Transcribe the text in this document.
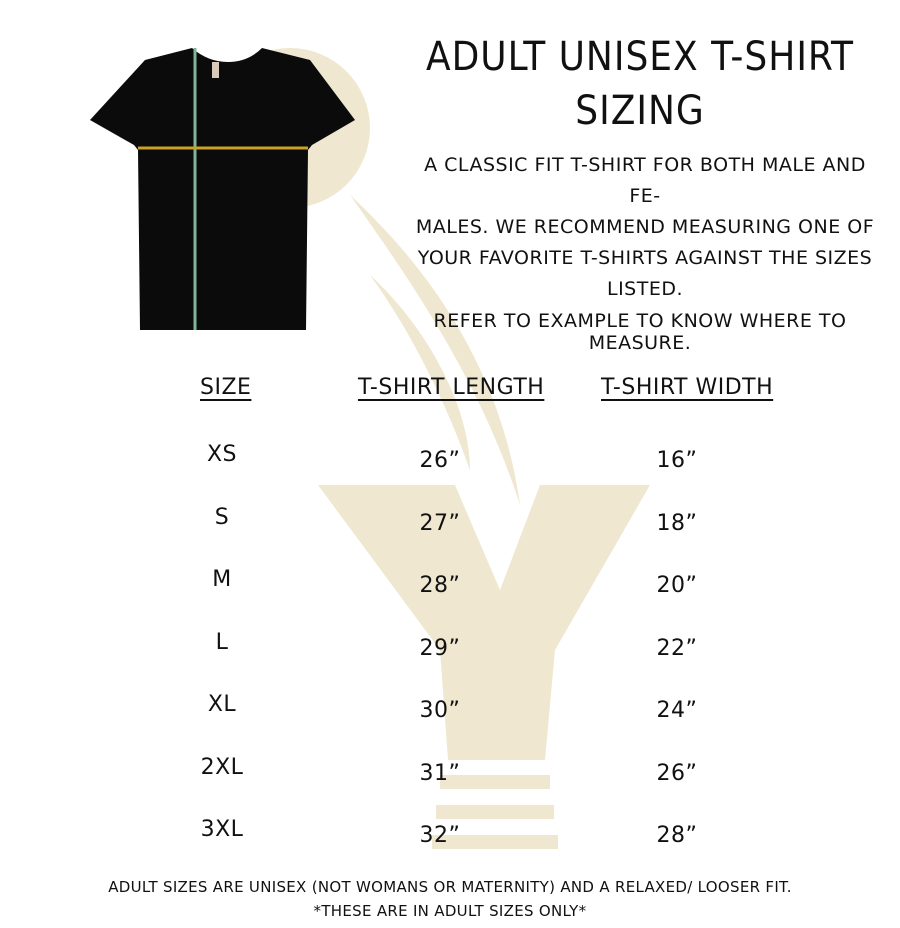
ADULT UNISEX T-SHIRT
SIZING
A CLASSIC FIT T-SHIRT FOR BOTH MALE AND FE-
MALES. WE RECOMMEND MEASURING ONE OF
YOUR FAVORITE T-SHIRTS AGAINST THE SIZES
LISTED.
REFER TO EXAMPLE TO KNOW WHERE TO MEASURE.
SIZE	T-SHIRT LENGTH	T-SHIRT WIDTH
XS	26”	16”
S	27”	18”
M	28”	20”
L	29”	22”
XL	30”	24”
2XL	31”	26”
3XL	32”	28”
ADULT SIZES ARE UNISEX (NOT WOMANS OR MATERNITY) AND A RELAXED/ LOOSER FIT.
*THESE ARE IN ADULT SIZES ONLY*
